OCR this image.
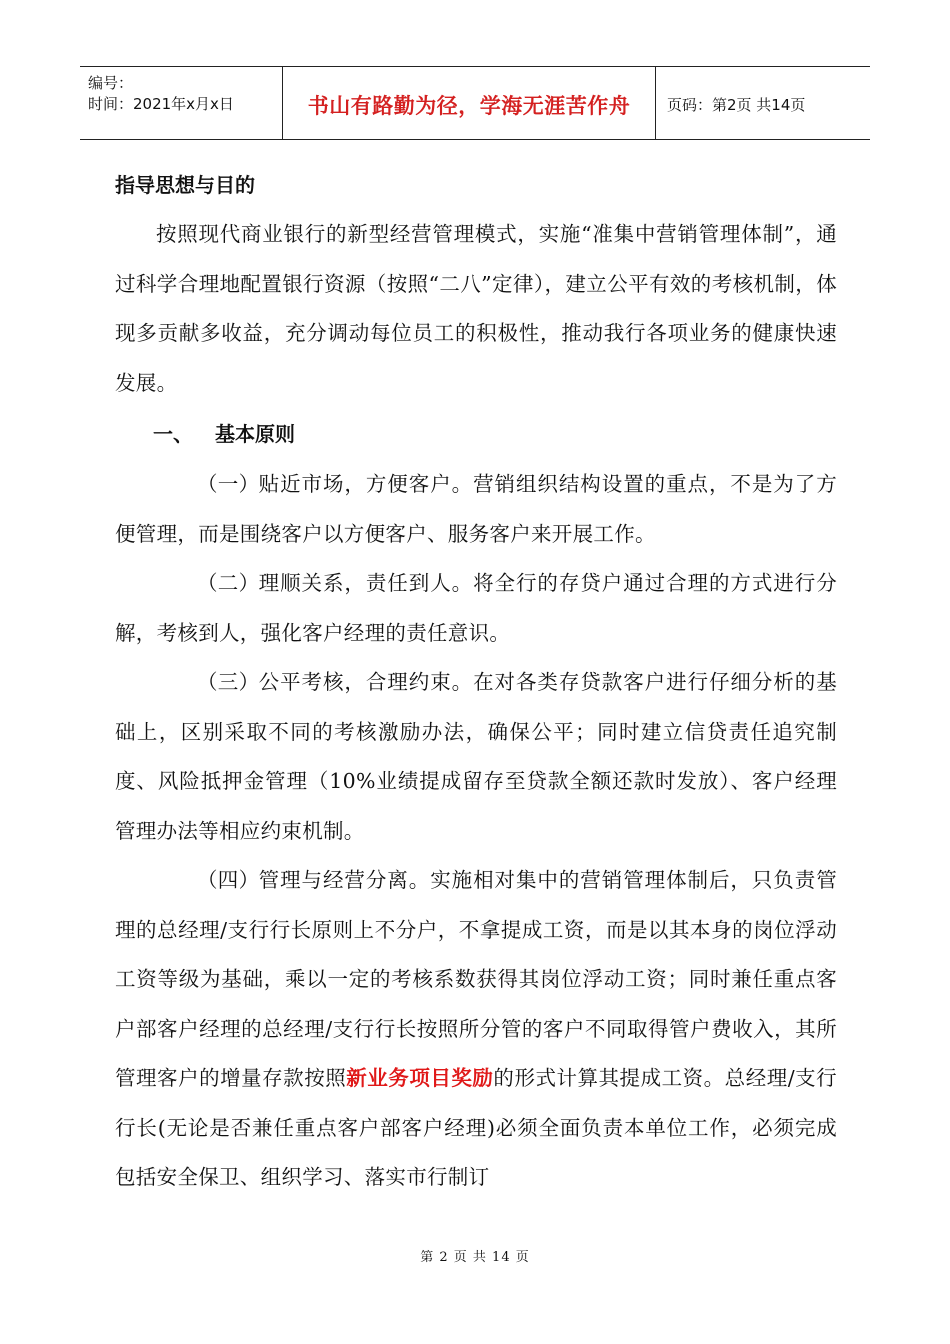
编号：
时间：2021年x月x日	书山有路勤为径，学海无涯苦作舟	页码：第2页 共14页
指导思想与目的

按照现代商业银行的新型经营管理模式，实施“准集中营销管理体制”，通过科学合理地配置银行资源（按照“二八”定律），建立公平有效的考核机制，体现多贡献多收益，充分调动每位员工的积极性，推动我行各项业务的健康快速发展。

一、 基本原则

（一）贴近市场，方便客户。营销组织结构设置的重点，不是为了方便管理，而是围绕客户以方便客户、服务客户来开展工作。

（二）理顺关系，责任到人。将全行的存贷户通过合理的方式进行分解，考核到人，强化客户经理的责任意识。

（三）公平考核，合理约束。在对各类存贷款客户进行仔细分析的基础上，区别采取不同的考核激励办法，确保公平；同时建立信贷责任追究制度、风险抵押金管理（10%业绩提成留存至贷款全额还款时发放）、客户经理管理办法等相应约束机制。

（四）管理与经营分离。实施相对集中的营销管理体制后，只负责管理的总经理/支行行长原则上不分户，不拿提成工资，而是以其本身的岗位浮动工资等级为基础，乘以一定的考核系数获得其岗位浮动工资；同时兼任重点客户部客户经理的总经理/支行行长按照所分管的客户不同取得管户费收入，其所管理客户的增量存款按照新业务项目奖励的形式计算其提成工资。总经理/支行行长(无论是否兼任重点客户部客户经理)必须全面负责本单位工作，必须完成包括安全保卫、组织学习、落实市行制订

第 2 页 共 14 页
